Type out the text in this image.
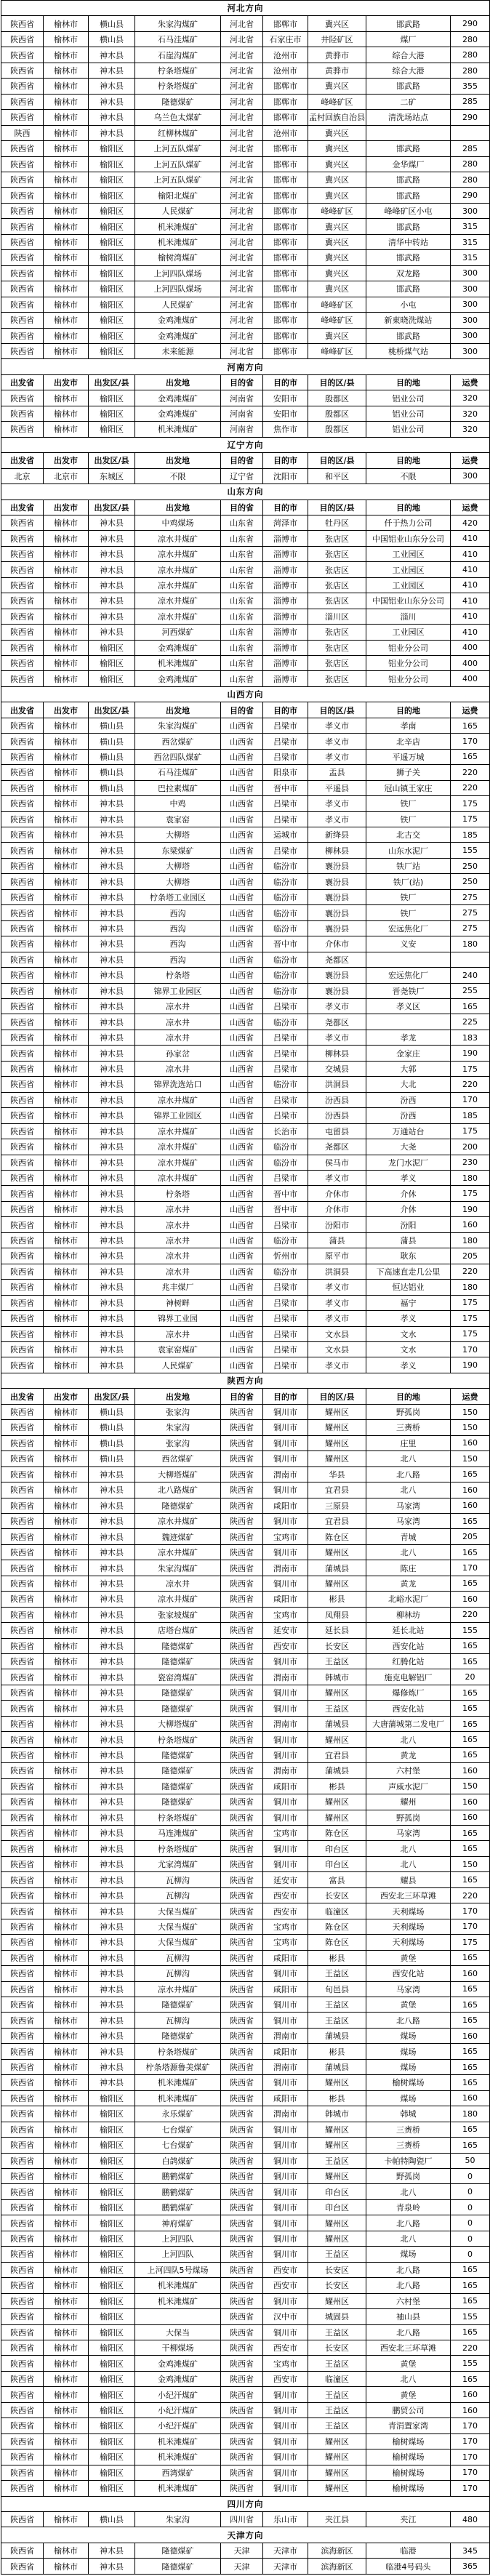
河北方向								
陕西省	榆林市	横山县	朱家沟煤矿	河北省	邯郸市	冀兴区	邯武路	290
陕西省	榆林市	横山县	石马洼煤矿	河北省	石家庄市	井陉矿区	煤厂	280
陕西省	榆林市	神木县	石崖沟煤矿	河北省	沧州市	黄骅市	综合大港	280
陕西省	榆林市	神木县	柠条塔煤矿	河北省	沧州市	黄骅市	综合大港	280
陕西省	榆林市	神木县	柠条塔煤矿	河北省	邯郸市	冀兴区	邯武路	355
陕西省	榆林市	神木县	隆德煤矿	河北省	邯郸市	峰峰矿区	二矿	285
陕西省	榆林市	神木县	乌兰色太煤矿	河北省	邯郸市	孟村回族自治县	清洗场站点	290
陕西	榆林市	神木县	红柳林煤矿	河北省	沧州市	冀兴区		
陕西省	榆林市	榆阳区	上河五队煤矿	河北省	邯郸市	冀兴区	邯武路	285
陕西省	榆林市	榆阳区	上河五队煤矿	河北省	邯郸市	冀兴区	金华煤厂	280
陕西省	榆林市	榆阳区	上河五队煤矿	河北省	邯郸市	冀兴区	邯武路	280
陕西省	榆林市	榆阳区	榆阳北煤矿	河北省	邯郸市	冀兴区	邯武路	290
陕西省	榆林市	榆阳区	人民煤矿	河北省	邯郸市	峰峰矿区	峰峰矿区小屯	300
陕西省	榆林市	榆阳区	机米滩煤矿	河北省	邯郸市	冀兴区	邯武路	315
陕西省	榆林市	榆阳区	机米滩煤矿	河北省	邯郸市	冀兴区	清华中转站	315
陕西省	榆林市	榆阳区	榆树湾煤矿	河北省	邯郸市	冀兴区	邯武路	315
陕西省	榆林市	榆阳区	上河四队煤场	河北省	邯郸市	冀兴区	双龙路	300
陕西省	榆林市	榆阳区	上河四队煤场	河北省	邯郸市	冀兴区	邯武路	300
陕西省	榆林市	榆阳区	人民煤矿	河北省	邯郸市	峰峰矿区	小屯	300
陕西省	榆林市	榆阳区	金鸡滩煤矿	河北省	邯郸市	峰峰矿区	新東晓洗煤站	300
陕西省	榆林市	榆阳区	金鸡滩煤矿	河北省	邯郸市	冀兴区	邯武路	300
陕西省	榆林市	榆阳区	未来能源	河北省	邯郸市	峰峰矿区	桃桥煤气站	300
河南方向								
出发省	出发市	出发区/县	出发地	目的省	目的市	目的区/县	目的地	运费
陕西省	榆林市	榆阳区	金鸡滩煤矿	河南省	安阳市	殷都区	铝业公司	320
陕西省	榆林市	榆阳区	金鸡滩煤矿	河南省	安阳市	殷都区	铝业公司	320
陕西省	榆林市	榆阳区	机米滩煤矿	河南省	焦作市	殷都区	铝业公司	320
辽宁方向								
出发省	出发市	出发区/县	出发地	目的省	目的市	目的区/县	目的地	运费
北京	北京市	东城区	不限	辽宁省	沈阳市	和平区	不限	300
山东方向								
出发省	出发市	出发区/县	出发地	目的省	目的市	目的区/县	目的地	运费
陕西省	榆林市	神木县	中鸡煤场	山东省	菏泽市	牡丹区	仟于热力公司	420
陕西省	榆林市	神木县	凉水井煤矿	山东省	淄博市	张店区	中国铝业山东分公司	410
陕西省	榆林市	神木县	凉水井煤矿	山东省	淄博市	张店区	工业园区	410
陕西省	榆林市	神木县	凉水井煤矿	山东省	淄博市	张店区	工业园区	410
陕西省	榆林市	神木县	凉水井煤矿	山东省	淄博市	张店区	工业园区	410
陕西省	榆林市	神木县	凉水井煤矿	山东省	淄博市	张店区	中国铝业山东分公司	410
陕西省	榆林市	神木县	凉水井煤矿	山东省	淄博市	淄川区	淄川	410
陕西省	榆林市	神木县	河西煤矿	山东省	淄博市	张店区	工业园区	410
陕西省	榆林市	榆阳区	金鸡滩煤矿	山东省	淄博市	张店区	铝业分公司	400
陕西省	榆林市	榆阳区	机米滩煤矿	山东省	淄博市	张店区	铝业分公司	400
陕西省	榆林市	榆阳区	金鸡滩煤矿	山东省	淄博市	张店区	铝业分公司	400
山西方向								
出发省	出发市	出发区/县	出发地	目的省	目的市	目的区/县	目的地	运费
陕西省	榆林市	横山县	朱家沟煤矿	山西省	吕梁市	孝义市	孝南	165
陕西省	榆林市	横山县	西岔煤矿	山西省	吕梁市	孝义市	北辛店	170
陕西省	榆林市	横山县	西岔四队煤矿	山西省	吕梁市	孝义市	平遥万城	165
陕西省	榆林市	横山县	石马洼煤矿	山西省	阳泉市	盂县	狮子关	220
陕西省	榆林市	横山县	巴拉素煤矿	山西省	晋中市	平遥县	冠山镇王家庄	220
陕西省	榆林市	神木县	中鸡	山西省	吕梁市	孝义市	铁厂	175
陕西省	榆林市	神木县	袁家窑	山西省	吕梁市	孝义市	铁厂	175
陕西省	榆林市	神木县	大柳塔	山西省	运城市	新绛县	北古交	185
陕西省	榆林市	神木县	东梁煤矿	山西省	吕梁市	柳林县	山东水泥厂	155
陕西省	榆林市	神木县	大柳塔	山西省	临汾市	襄汾县	铁厂站	250
陕西省	榆林市	神木县	大柳塔	山西省	临汾市	襄汾县	铁厂(站)	250
陕西省	榆林市	神木县	柠条塔工业园区	山西省	临汾市	襄汾县	铁厂	275
陕西省	榆林市	神木县	西沟	山西省	临汾市	襄汾县	铁厂	275
陕西省	榆林市	神木县	西沟	山西省	临汾市	襄汾县	宏远焦化厂	275
陕西省	榆林市	神木县	西沟	山西省	晋中市	介休市	义安	180
陕西省	榆林市	神木县	西沟	山西省	临汾市	尧都区		
陕西省	榆林市	神木县	柠条塔	山西省	临汾市	襄汾县	宏远焦化厂	240
陕西省	榆林市	神木县	锦界工业园区	山西省	临汾市	襄汾县	晋尧铁厂	255
陕西省	榆林市	神木县	凉水井	山西省	吕梁市	孝义市	孝义区	165
陕西省	榆林市	神木县	凉水井	山西省	临汾市	尧都区		225
陕西省	榆林市	神木县	凉水井	山西省	吕梁市	孝义市	孝龙	183
陕西省	榆林市	神木县	孙家岔	山西省	吕梁市	柳林县	金家庄	190
陕西省	榆林市	神木县	凉水井	山西省	吕梁市	交城县	大郭	175
陕西省	榆林市	神木县	锦界洗选站口	山西省	临汾市	洪洞县	大北	220
陕西省	榆林市	神木县	凉水井煤矿	山西省	吕梁市	汾西县	汾西	170
陕西省	榆林市	神木县	锦界工业园区	山西省	吕梁市	汾西县	汾西	185
陕西省	榆林市	神木县	凉水井煤矿	山西省	长治市	屯留县	万通站台	175
陕西省	榆林市	神木县	凉水井煤矿	山西省	临汾市	尧都区	大尧	200
陕西省	榆林市	神木县	凉水井煤矿	山西省	临汾市	侯马市	龙门水泥厂	230
陕西省	榆林市	神木县	凉水井煤矿	山西省	吕梁市	孝义市	孝义	180
陕西省	榆林市	神木县	柠条塔	山西省	晋中市	介休市	介休	175
陕西省	榆林市	神木县	凉水井	山西省	晋中市	介休市	介休	190
陕西省	榆林市	神木县	凉水井	山西省	吕梁市	汾阳市	汾阳	160
陕西省	榆林市	神木县	凉水井	山西省	临汾市	蒲县	蒲县	180
陕西省	榆林市	神木县	凉水井	山西省	忻州市	原平市	耿东	205
陕西省	榆林市	神木县	凉水井	山西省	临汾市	洪洞县	下高速直走几公里	220
陕西省	榆林市	神木县	兆丰煤厂	山西省	吕梁市	孝义市	恒达铝业	180
陕西省	榆林市	神木县	神树畔	山西省	吕梁市	孝义市	福宁	175
陕西省	榆林市	神木县	锦界工业园	山西省	吕梁市	孝义市	孝义	175
陕西省	榆林市	神木县	凉水井	山西省	吕梁市	文水县	文水	175
陕西省	榆林市	神木县	袁家窑煤矿	山西省	吕梁市	文水县	文水	170
陕西省	榆林市	神木县	人民煤矿	山西省	吕梁市	孝义市	孝义	190
陕西方向								
出发省	出发市	出发区/县	出发地	目的省	目的市	目的区/县	目的地	运费
陕西省	榆林市	横山县	张家沟	陕西省	铜川市	耀州区	野孤岗	150
陕西省	榆林市	横山县	朱家沟	陕西省	铜川市	耀州区	三赉桥	150
陕西省	榆林市	横山县	张家沟	陕西省	铜川市	耀州区	庄里	160
陕西省	榆林市	横山县	西岔煤矿	陕西省	铜川市	耀州区	北八	150
陕西省	榆林市	神木县	大柳塔煤矿	陕西省	渭南市	华县	北八路	165
陕西省	榆林市	神木县	北八路煤矿	陕西省	铜川市	宜君县	北八	160
陕西省	榆林市	神木县	隆德煤矿	陕西省	咸阳市	三原县	马家湾	160
陕西省	榆林市	神木县	凉水井煤矿	陕西省	铜川市	宜君县	马家湾	165
陕西省	榆林市	神木县	魏迹煤矿	陕西省	宝鸡市	陈仓区	青城	205
陕西省	榆林市	神木县	凉水井煤矿	陕西省	铜川市	耀州区	北八	165
陕西省	榆林市	神木县	朱家沟煤矿	陕西省	渭南市	蒲城县	陈庄	170
陕西省	榆林市	神木县	凉水井	陕西省	铜川市	耀州区	黄龙	165
陕西省	榆林市	神木县	凉水井煤矿	陕西省	咸阳市	彬县	北峪水泥厂	160
陕西省	榆林市	神木县	张家坡煤矿	陕西省	宝鸡市	凤翔县	柳林坊	220
陕西省	榆林市	神木县	店塔台煤矿	陕西省	延安市	延长县	延长北站	155
陕西省	榆林市	神木县	隆德煤矿	陕西省	西安市	长安区	西安化站	165
陕西省	榆林市	神木县	隆德煤矿	陕西省	铜川市	王益区	红腾化站	165
陕西省	榆林市	神木县	瓷窑湾煤矿	陕西省	渭南市	韩城市	施克电解铝厂	20
陕西省	榆林市	神木县	隆德煤矿	陕西省	铜川市	耀州区	爆修炼厂	165
陕西省	榆林市	神木县	隆德煤矿	陕西省	铜川市	王益区	西安化站	165
陕西省	榆林市	神木县	大柳塔煤矿	陕西省	渭南市	蒲城县	大唐蒲城第二发电厂	165
陕西省	榆林市	神木县	柠条塔煤矿	陕西省	铜川市	耀州区	北八	165
陕西省	榆林市	神木县	隆德煤矿	陕西省	铜川市	宜君县	黄龙	165
陕西省	榆林市	神木县	隆德煤矿	陕西省	渭南市	蒲城县	六村堡	160
陕西省	榆林市	神木县	隆德煤矿	陕西省	咸阳市	彬县	声威水泥厂	150
陕西省	榆林市	神木县	隆德煤矿	陕西省	铜川市	耀州区	耀州	160
陕西省	榆林市	神木县	柠条塔煤矿	陕西省	铜川市	耀州区	野孤岗	160
陕西省	榆林市	神木县	马连滩煤矿	陕西省	宝鸡市	陈仓区	马家湾	165
陕西省	榆林市	神木县	柠条塔煤矿	陕西省	铜川市	印台区	北八	165
陕西省	榆林市	神木县	尤家湾煤矿	陕西省	铜川市	印台区	北八	150
陕西省	榆林市	神木县	瓦柳沟	陕西省	延安市	富县	耀县	165
陕西省	榆林市	神木县	瓦柳沟	陕西省	西安市	长安区	西安北三环草滩	220
陕西省	榆林市	神木县	大保当煤矿	陕西省	西安市	临潼区	天利煤场	170
陕西省	榆林市	神木县	大保当煤矿	陕西省	宝鸡市	陈仓区	天利煤场	170
陕西省	榆林市	神木县	大保当煤矿	陕西省	宝鸡市	陈仓区	天利煤场	175
陕西省	榆林市	神木县	瓦柳沟	陕西省	咸阳市	彬县	黄堡	165
陕西省	榆林市	神木县	瓦柳沟	陕西省	铜川市	王益区	西安化站	160
陕西省	榆林市	神木县	凉水井煤矿	陕西省	咸阳市	旬邑县	马家湾	165
陕西省	榆林市	神木县	隆德煤矿	陕西省	铜川市	王益区	黄堡	165
陕西省	榆林市	神木县	瓦柳沟	陕西省	铜川市	王益区	北八路	165
陕西省	榆林市	神木县	隆德煤矿	陕西省	渭南市	蒲城县	煤场	160
陕西省	榆林市	神木县	柠条塔煤矿	陕西省	咸阳市	彬县	煤场	165
陕西省	榆林市	神木县	柠条塔源鲁美煤矿	陕西省	渭南市	蒲城县	煤场	165
陕西省	榆林市	神木县	机米滩煤矿	陕西省	铜川市	耀州区	榆树煤场	165
陕西省	榆林市	榆阳区	机米滩煤矿	陕西省	咸阳市	彬县	煤场	160
陕西省	榆林市	榆阳区	永乐煤矿	陕西省	渭南市	韩城市	韩城	180
陕西省	榆林市	榆阳区	七台煤矿	陕西省	铜川市	耀州区	三赉桥	165
陕西省	榆林市	榆阳区	七台煤矿	陕西省	铜川市	耀州区	三赉桥	165
陕西省	榆林市	榆阳区	白鸽煤矿	陕西省	铜川市	王益区	卡帕特陶瓷厂	50
陕西省	榆林市	榆阳区	鹏鹤煤矿	陕西省	铜川市	耀州区	野孤岗	0
陕西省	榆林市	榆阳区	鹏鹤煤矿	陕西省	铜川市	印台区	北八	0
陕西省	榆林市	榆阳区	鹏鹤煤矿	陕西省	铜川市	印台区	青泉岭	0
陕西省	榆林市	榆阳区	神府煤矿	陕西省	铜川市	耀州区	北八路	0
陕西省	榆林市	榆阳区	上河四队	陕西省	铜川市	耀州区	北八	0
陕西省	榆林市	榆阳区	上河四队	陕西省	铜川市	王益区	煤场	0
陕西省	榆林市	榆阳区	上河四队5号煤场	陕西省	西安市	长安区	北八路	165
陕西省	榆林市	榆阳区	机米滩煤矿	陕西省	西安市	长安区	北八路	165
陕西省	榆林市	榆阳区	机米滩煤矿	陕西省	铜川市	耀州区	六村堡	165
陕西省	榆林市	榆阳区		陕西省	汉中市	城固县	袖山县	155
陕西省	榆林市	榆阳区	大保当	陕西省	铜川市	王益区	北八路	165
陕西省	榆林市	榆阳区	干柳煤场	陕西省	西安市	长安区	西安北三环草滩	220
陕西省	榆林市	榆阳区	金鸡滩煤矿	陕西省	宝鸡市	王益区	黄堡	155
陕西省	榆林市	榆阳区	金鸡滩煤矿	陕西省	西安市	临潼区	北八	165
陕西省	榆林市	榆阳区	小纪汗煤矿	陕西省	铜川市	王益区	黄堡	160
陕西省	榆林市	榆阳区	小纪汗煤矿	陕西省	铜川市	王益区	鹏贸公司	160
陕西省	榆林市	榆阳区	小纪汗煤矿	陕西省	铜川市	王益区	青涓置家湾	170
陕西省	榆林市	榆阳区	机米滩煤矿	陕西省	铜川市	耀州区	榆树煤场	170
陕西省	榆林市	榆阳区	机米滩煤矿	陕西省	铜川市	耀州区	榆树煤场	170
陕西省	榆林市	榆阳区	西湾煤矿	陕西省	铜川市	耀州区	榆树煤场	170
陕西省	榆林市	榆阳区	机米滩煤矿	陕西省	铜川市	耀州区	榆树煤场	170
四川方向								
陕西省	榆林市	横山县	朱家沟	四川省	乐山市	夹江县	夹江	480
天津方向								
陕西省	榆林市	神木县	隆德煤矿	天津	天津市	滨海新区	临港	345
陕西省	榆林市	神木县	隆德煤矿	天津	天津市	滨海新区	临港4号码头	365
